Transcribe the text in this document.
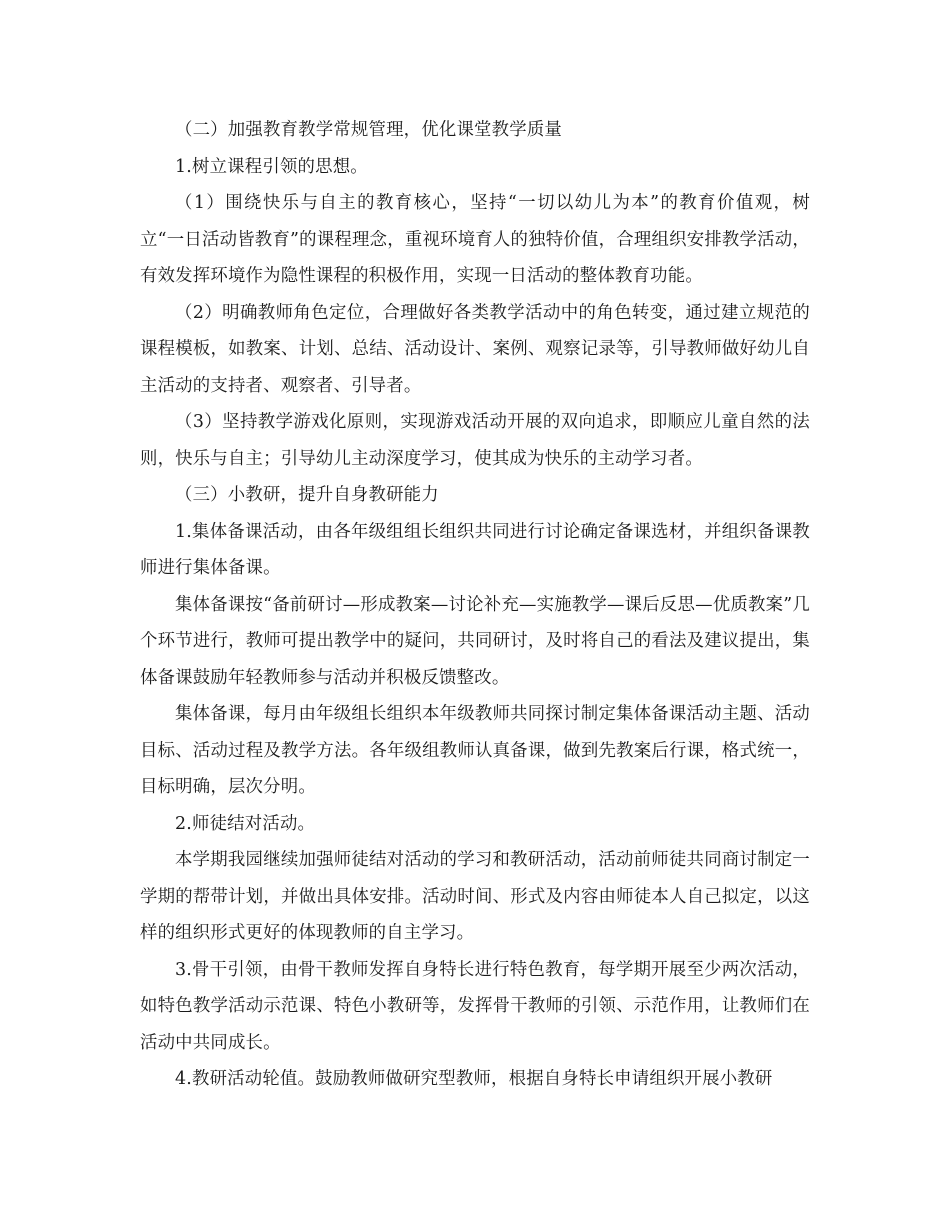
（二）加强教育教学常规管理，优化课堂教学质量

1.树立课程引领的思想。

（1）围绕快乐与自主的教育核心，坚持“一切以幼儿为本”的教育价值观，树立“一日活动皆教育”的课程理念，重视环境育人的独特价值，合理组织安排教学活动，有效发挥环境作为隐性课程的积极作用，实现一日活动的整体教育功能。

（2）明确教师角色定位，合理做好各类教学活动中的角色转变，通过建立规范的课程模板，如教案、计划、总结、活动设计、案例、观察记录等，引导教师做好幼儿自主活动的支持者、观察者、引导者。

（3）坚持教学游戏化原则，实现游戏活动开展的双向追求，即顺应儿童自然的法则，快乐与自主；引导幼儿主动深度学习，使其成为快乐的主动学习者。

（三）小教研，提升自身教研能力

1.集体备课活动，由各年级组组长组织共同进行讨论确定备课选材，并组织备课教师进行集体备课。

集体备课按“备前研讨—形成教案—讨论补充—实施教学—课后反思—优质教案”几个环节进行，教师可提出教学中的疑问，共同研讨，及时将自己的看法及建议提出，集体备课鼓励年轻教师参与活动并积极反馈整改。

集体备课，每月由年级组长组织本年级教师共同探讨制定集体备课活动主题、活动目标、活动过程及教学方法。各年级组教师认真备课，做到先教案后行课，格式统一，目标明确，层次分明。

2.师徒结对活动。

本学期我园继续加强师徒结对活动的学习和教研活动，活动前师徒共同商讨制定一学期的帮带计划，并做出具体安排。活动时间、形式及内容由师徒本人自己拟定，以这样的组织形式更好的体现教师的自主学习。

3.骨干引领，由骨干教师发挥自身特长进行特色教育，每学期开展至少两次活动，如特色教学活动示范课、特色小教研等，发挥骨干教师的引领、示范作用，让教师们在活动中共同成长。

4.教研活动轮值。鼓励教师做研究型教师，根据自身特长申请组织开展小教研
